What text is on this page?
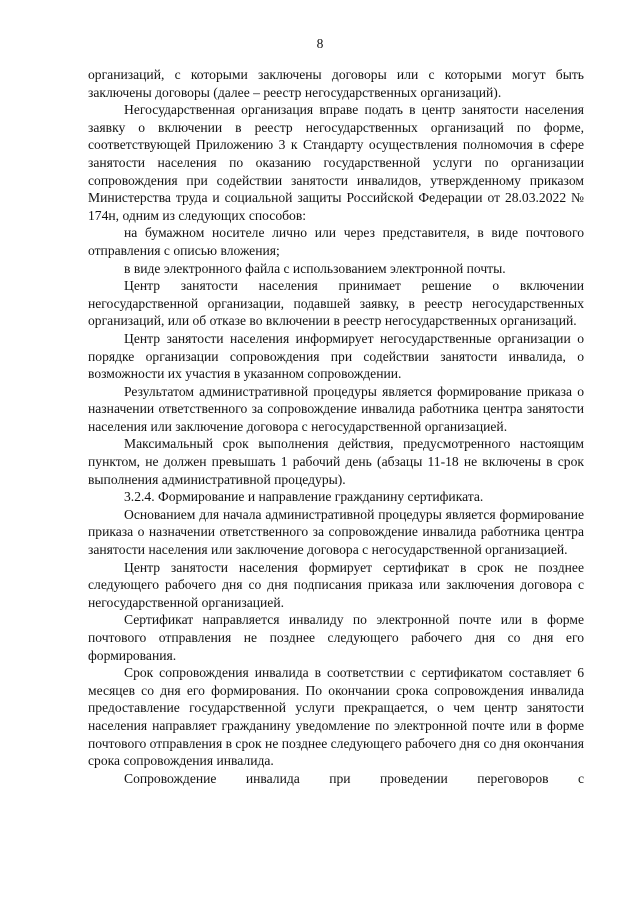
8

организаций, с которыми заключены договоры или с которыми могут быть заключены договоры (далее – реестр негосударственных организаций).

Негосударственная организация вправе подать в центр занятости населения заявку о включении в реестр негосударственных организаций по форме, соответствующей Приложению 3 к Стандарту осуществления полномочия в сфере занятости населения по оказанию государственной услуги по организации сопровождения при содействии занятости инвалидов, утвержденному приказом Министерства труда и социальной защиты Российской Федерации от 28.03.2022 № 174н, одним из следующих способов:

на бумажном носителе лично или через представителя, в виде почтового отправления с описью вложения;

в виде электронного файла с использованием электронной почты.

Центр занятости населения принимает решение о включении негосударственной организации, подавшей заявку, в реестр негосударственных организаций, или об отказе во включении в реестр негосударственных организаций.

Центр занятости населения информирует негосударственные организации о порядке организации сопровождения при содействии занятости инвалида, о возможности их участия в указанном сопровождении.

Результатом административной процедуры является формирование приказа о назначении ответственного за сопровождение инвалида работника центра занятости населения или заключение договора с негосударственной организацией.

Максимальный срок выполнения действия, предусмотренного настоящим пунктом, не должен превышать 1 рабочий день (абзацы 11-18 не включены в срок выполнения административной процедуры).

3.2.4. Формирование и направление гражданину сертификата.

Основанием для начала административной процедуры является формирование приказа о назначении ответственного за сопровождение инвалида работника центра занятости населения или заключение договора с негосударственной организацией.

Центр занятости населения формирует сертификат в срок не позднее следующего рабочего дня со дня подписания приказа или заключения договора с негосударственной организацией.

Сертификат направляется инвалиду по электронной почте или в форме почтового отправления не позднее следующего рабочего дня со дня его формирования.

Срок сопровождения инвалида в соответствии с сертификатом составляет 6 месяцев со дня его формирования. По окончании срока сопровождения инвалида предоставление государственной услуги прекращается, о чем центр занятости населения направляет гражданину уведомление по электронной почте или в форме почтового отправления в срок не позднее следующего рабочего дня со дня окончания срока сопровождения инвалида.

Сопровождение инвалида при проведении переговоров с
